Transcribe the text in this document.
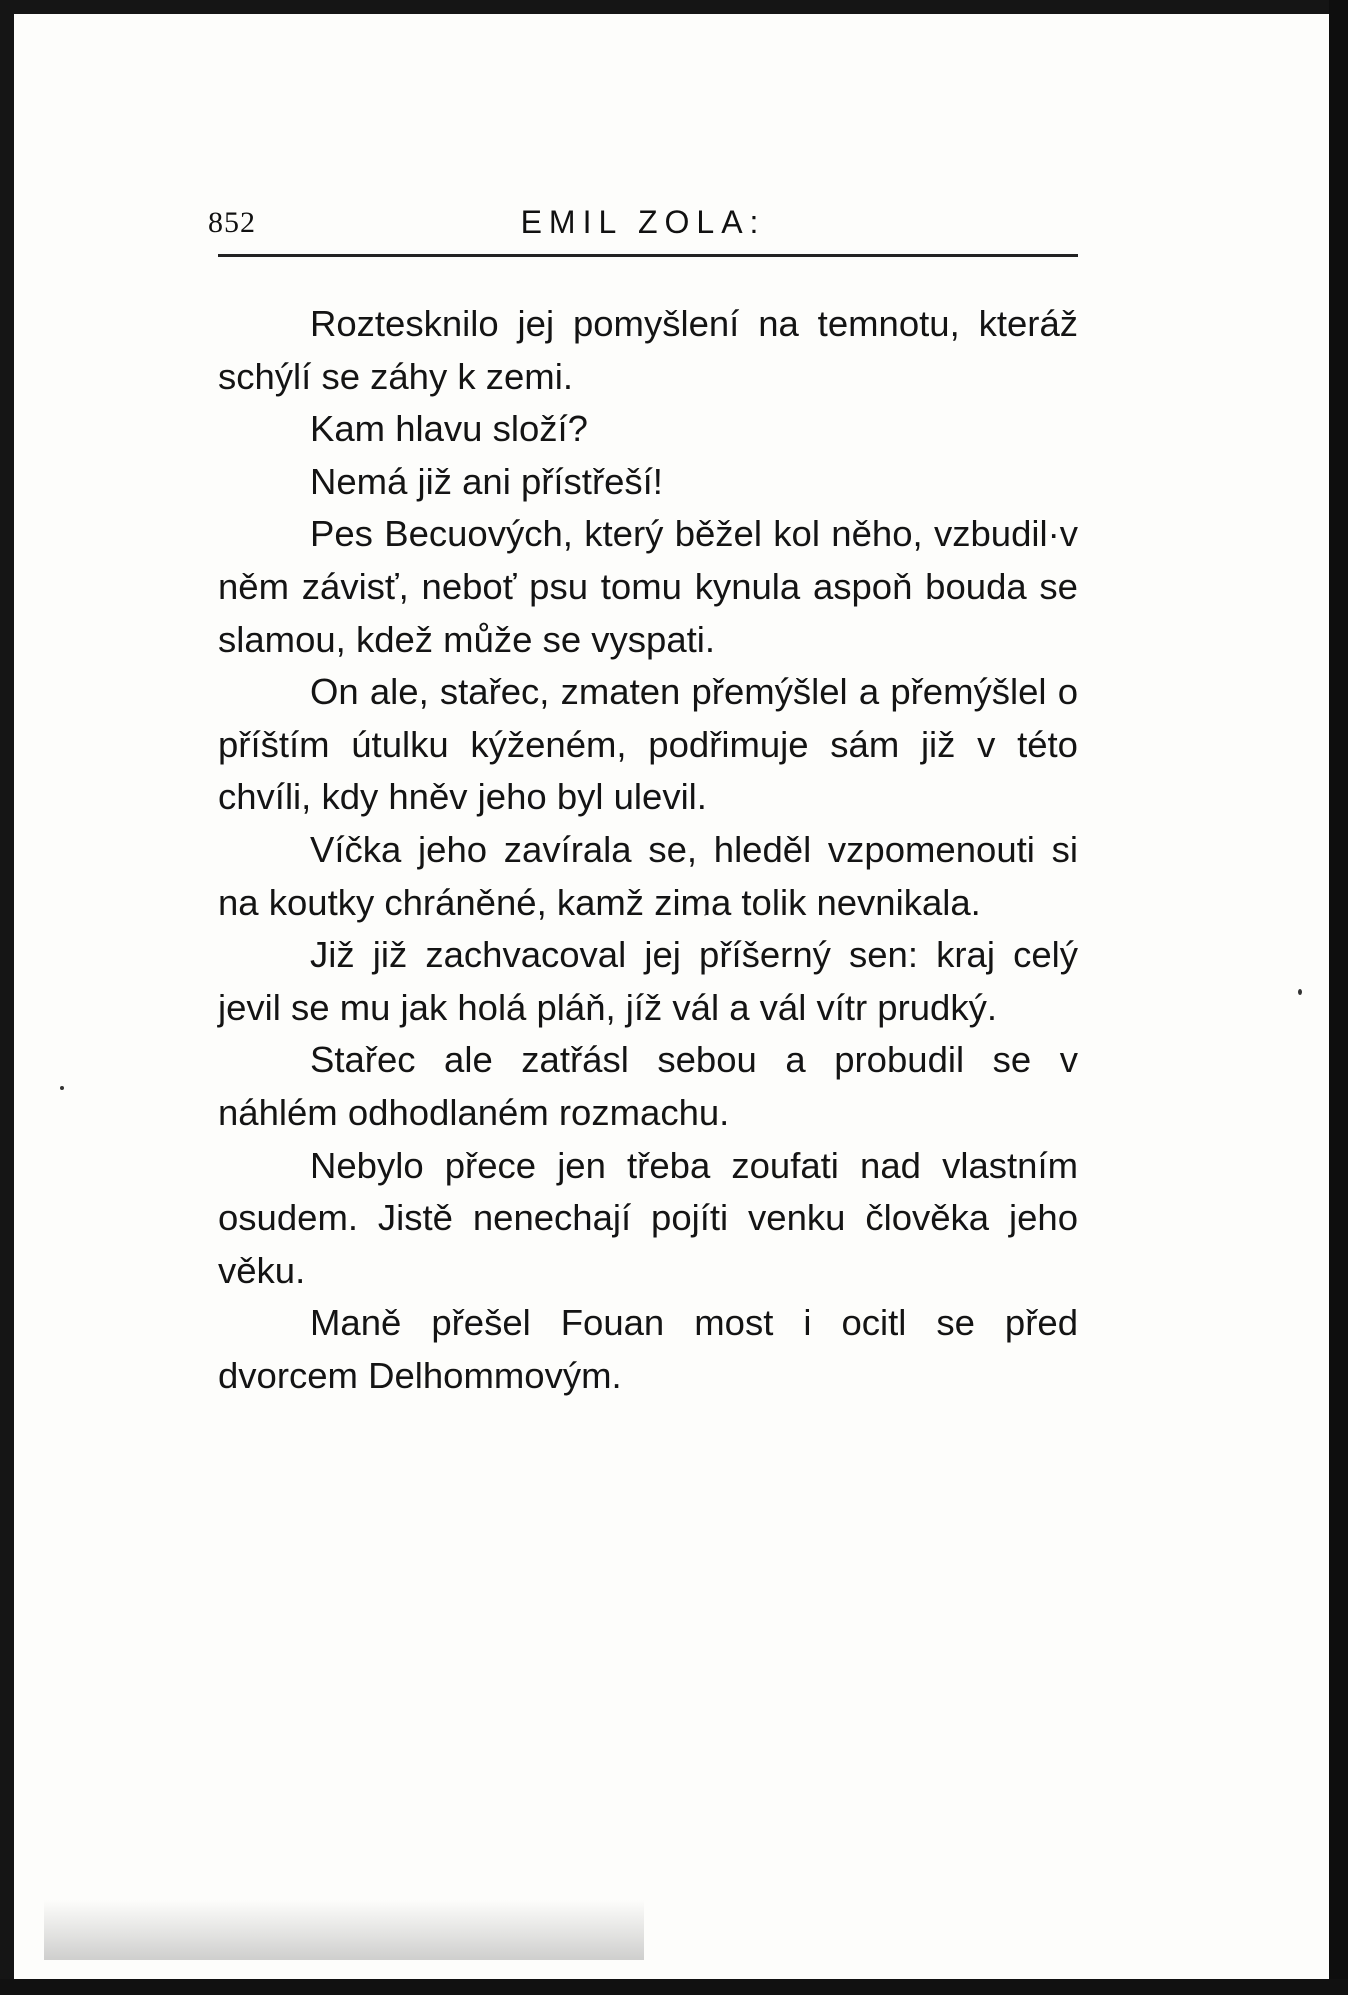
852	EMIL ZOLA:

Roztesknilo jej pomyšlení na temnotu, kteráž schýlí se záhy k zemi.

Kam hlavu složí?

Nemá již ani přístřeší!

Pes Becuových, který běžel kol něho, vzbudil·v něm závisť, neboť psu tomu kynula aspoň bouda se slamou, kdež může se vyspati.

On ale, stařec, zmaten přemýšlel a přemýšlel o příštím útulku kýženém, podřimuje sám již v této chvíli, kdy hněv jeho byl ulevil.

Víčka jeho zavírala se, hleděl vzpomenouti si na koutky chráněné, kamž zima tolik nevnikala.

Již již zachvacoval jej příšerný sen: kraj celý jevil se mu jak holá pláň, jíž vál a vál vítr prudký.

Stařec ale zatřásl sebou a probudil se v náhlém odhodlaném rozmachu.

Nebylo přece jen třeba zoufati nad vlastním osudem. Jistě nenechají pojíti venku člověka jeho věku.

Maně přešel Fouan most i ocitl se před dvorcem Delhommovým.
